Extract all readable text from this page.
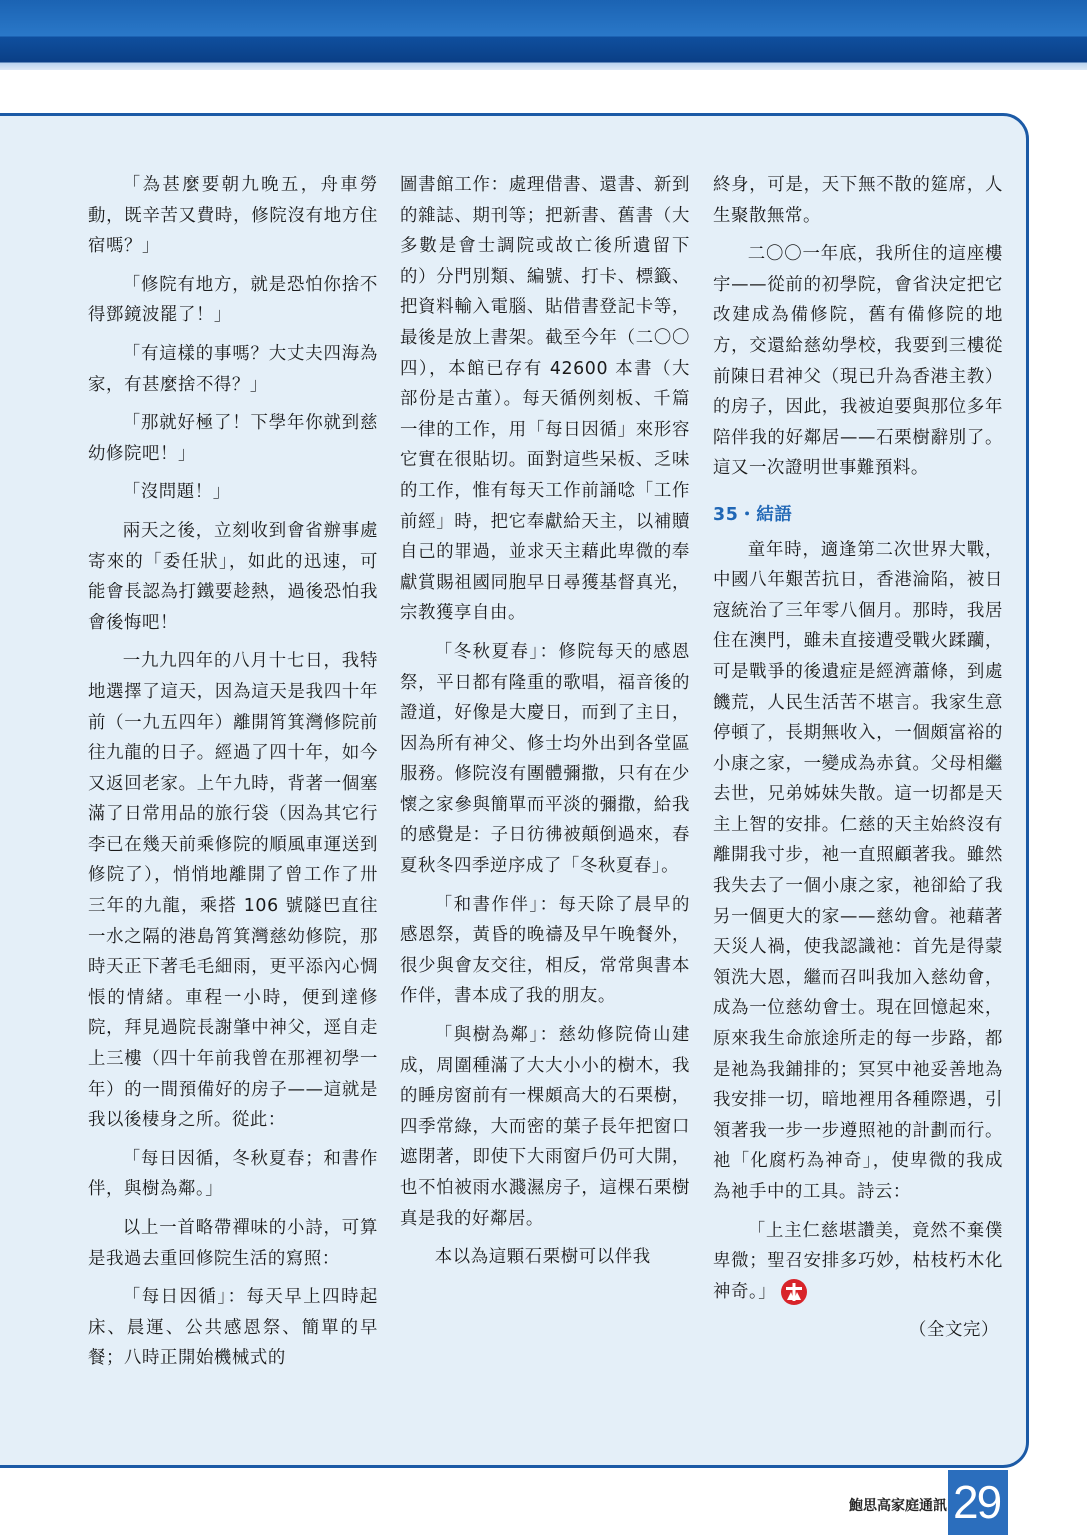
「為甚麼要朝九晚五，舟車勞動，既辛苦又費時，修院沒有地方住宿嗎？」

「修院有地方，就是恐怕你捨不得鄧鏡波罷了！」

「有這樣的事嗎？大丈夫四海為家，有甚麼捨不得？」

「那就好極了！下學年你就到慈幼修院吧！」

「沒問題！」

兩天之後，立刻收到會省辦事處寄來的「委任狀」，如此的迅速，可能會長認為打鐵要趁熱，過後恐怕我會後悔吧！

一九九四年的八月十七日，我特地選擇了這天，因為這天是我四十年前（一九五四年）離開筲箕灣修院前往九龍的日子。經過了四十年，如今又返回老家。上午九時，背著一個塞滿了日常用品的旅行袋（因為其它行李已在幾天前乘修院的順風車運送到修院了），悄悄地離開了曾工作了卅三年的九龍，乘搭 106 號隧巴直往一水之隔的港島筲箕灣慈幼修院，那時天正下著毛毛細雨，更平添內心惆悵的情緒。車程一小時，便到達修院，拜見過院長謝肇中神父，逕自走上三樓（四十年前我曾在那裡初學一年）的一間預備好的房子——這就是我以後棲身之所。從此：

「每日因循，冬秋夏春；和書作伴，與樹為鄰。」

以上一首略帶禪味的小詩，可算是我過去重回修院生活的寫照：

「每日因循」：每天早上四時起床、晨運、公共感恩祭、簡單的早餐；八時正開始機械式的

圖書館工作：處理借書、還書、新到的雜誌、期刊等；把新書、舊書（大多數是會士調院或故亡後所遺留下的）分門別類、編號、打卡、標籤、把資料輸入電腦、貼借書登記卡等，最後是放上書架。截至今年（二〇〇四），本館已存有 42600 本書（大部份是古董）。每天循例刻板、千篇一律的工作，用「每日因循」來形容它實在很貼切。面對這些呆板、乏味的工作，惟有每天工作前誦唸「工作前經」時，把它奉獻給天主，以補贖自己的罪過，並求天主藉此卑微的奉獻賞賜祖國同胞早日尋獲基督真光，宗教獲享自由。

「冬秋夏春」：修院每天的感恩祭，平日都有隆重的歌唱，福音後的證道，好像是大慶日，而到了主日，因為所有神父、修士均外出到各堂區服務。修院沒有團體彌撒，只有在少懷之家參與簡單而平淡的彌撒，給我的感覺是：子日彷彿被顛倒過來，春夏秋冬四季逆序成了「冬秋夏春」。

「和書作伴」：每天除了晨早的感恩祭，黃昏的晚禱及早午晚餐外，很少與會友交往，相反，常常與書本作伴，書本成了我的朋友。

「與樹為鄰」：慈幼修院倚山建成，周圍種滿了大大小小的樹木，我的睡房窗前有一棵頗高大的石栗樹，四季常綠，大而密的葉子長年把窗口遮閉著，即使下大雨窗戶仍可大開，也不怕被雨水濺濕房子，這棵石栗樹真是我的好鄰居。

本以為這顆石栗樹可以伴我

終身，可是，天下無不散的筵席，人生聚散無常。

二〇〇一年底，我所住的這座樓宇——從前的初學院，會省決定把它改建成為備修院，舊有備修院的地方，交還給慈幼學校，我要到三樓從前陳日君神父（現已升為香港主教）的房子，因此，我被迫要與那位多年陪伴我的好鄰居——石栗樹辭別了。這又一次證明世事難預料。

35・結語

童年時，適逢第二次世界大戰，中國八年艱苦抗日，香港淪陷，被日寇統治了三年零八個月。那時，我居住在澳門，雖未直接遭受戰火蹂躪，可是戰爭的後遺症是經濟蕭條，到處饑荒，人民生活苦不堪言。我家生意停頓了，長期無收入，一個頗富裕的小康之家，一變成為赤貧。父母相繼去世，兄弟姊妹失散。這一切都是天主上智的安排。仁慈的天主始終沒有離開我寸步，祂一直照顧著我。雖然我失去了一個小康之家，祂卻給了我另一個更大的家——慈幼會。祂藉著天災人禍，使我認識祂：首先是得蒙領洗大恩，繼而召叫我加入慈幼會，成為一位慈幼會士。現在回憶起來，原來我生命旅途所走的每一步路，都是祂為我鋪排的；冥冥中祂妥善地為我安排一切，暗地裡用各種際遇，引領著我一步一步遵照祂的計劃而行。祂「化腐朽為神奇」，使卑微的我成為祂手中的工具。詩云：

「上主仁慈堪讚美，竟然不棄僕卑微；聖召安排多巧妙，枯枝朽木化神奇。」

（全文完）

鮑思高家庭通訊 29
